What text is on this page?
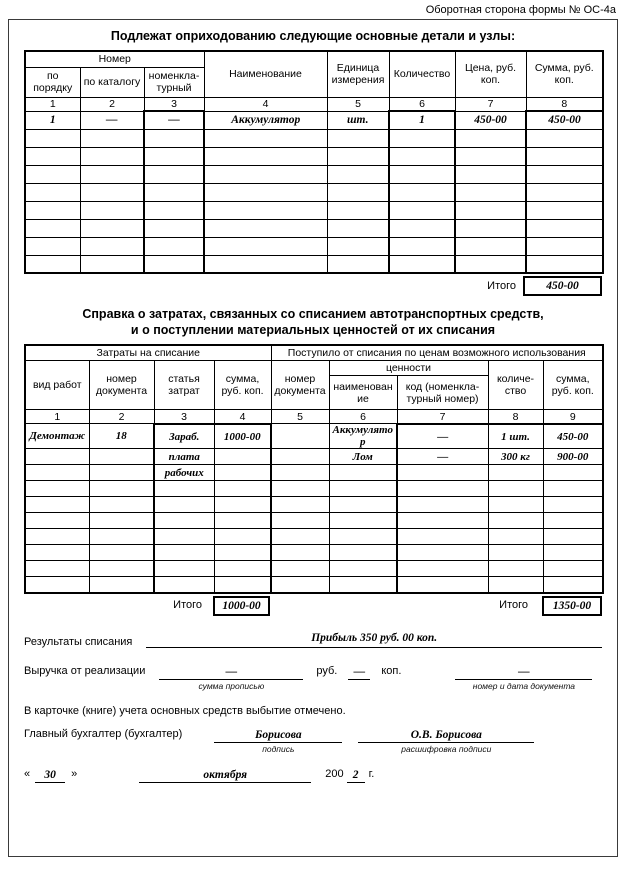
Оборотная сторона формы № ОС-4а
Подлежат оприходованию следующие основные детали и узлы:
Номер			Наименование	Единица измерения	Количество	Цена, руб. коп.	Сумма, руб. коп.
по порядку	по каталогу	номенкла-турный					
1	2	3	4	5	6	7	8
1	—	—	Аккумулятор	шт.	1	450-00	450-00

Итого	450-00
Справка о затратах, связанных со списанием автотранспортных средств,
и о поступлении материальных ценностей от их списания
Затраты на списание				Поступило от списания по ценам возможного использования				
вид работ	номер документа	статья затрат	сумма, руб. коп.	номер документа	ценности		количе-ство	сумма, руб. коп.
					наименование	код (номенкла-турный номер)		
1	2	3	4	5	6	7	8	9
Демонтаж	18	Зараб.	1000-00		Аккумулятор	—	1 шт.	450-00
		плата			Лом	—	300 кг	900-00
		рабочих						

Итого	1000-00	Итого	1350-00
Результаты списания	Прибыль 350 руб. 00 коп.
Выручка от реализации	—
сумма прописью
руб.	—	коп.	—
номер и дата документа
В карточке (книге) учета основных средств выбытие отмечено.
Главный бухгалтер (бухгалтер)	Борисова
подпись
О.В. Борисова
расшифровка подписи
«	30	»	октября	200 2 г.
